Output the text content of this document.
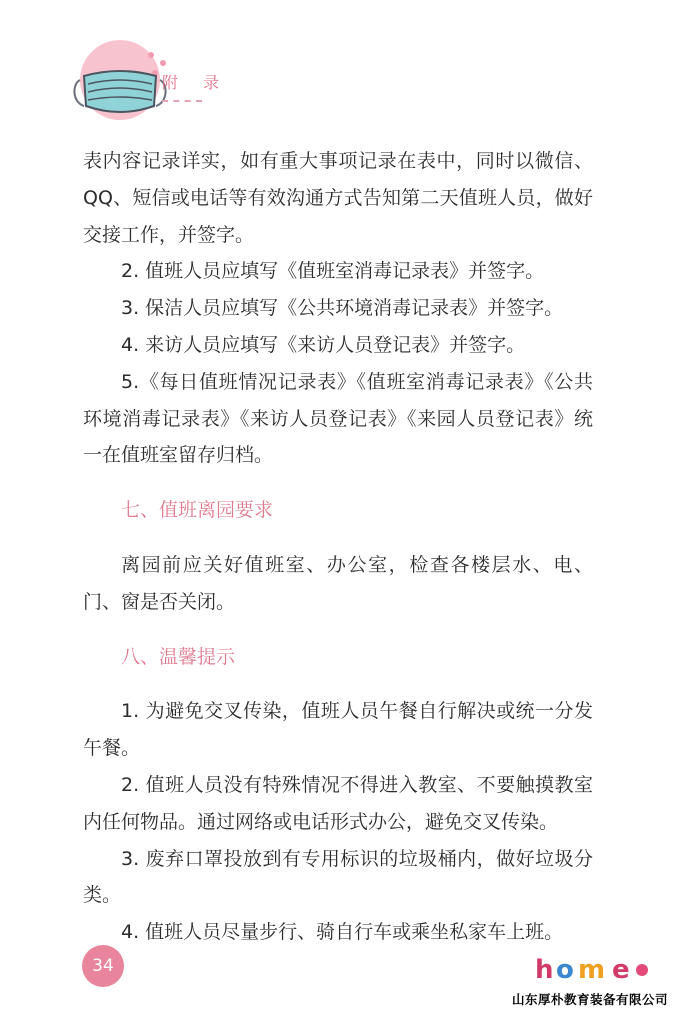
附 录

表内容记录详实，如有重大事项记录在表中，同时以微信、QQ、短信或电话等有效沟通方式告知第二天值班人员，做好交接工作，并签字。

2. 值班人员应填写《值班室消毒记录表》并签字。

3. 保洁人员应填写《公共环境消毒记录表》并签字。

4. 来访人员应填写《来访人员登记表》并签字。

5.《每日值班情况记录表》《值班室消毒记录表》《公共环境消毒记录表》《来访人员登记表》《来园人员登记表》统一在值班室留存归档。

七、值班离园要求

离园前应关好值班室、办公室，检查各楼层水、电、门、窗是否关闭。

八、温馨提示

1. 为避免交叉传染，值班人员午餐自行解决或统一分发午餐。

2. 值班人员没有特殊情况不得进入教室、不要触摸教室内任何物品。通过网络或电话形式办公，避免交叉传染。

3. 废弃口罩投放到有专用标识的垃圾桶内，做好垃圾分类。

4. 值班人员尽量步行、骑自行车或乘坐私家车上班。

34	h o m e
山东厚朴教育装备有限公司
